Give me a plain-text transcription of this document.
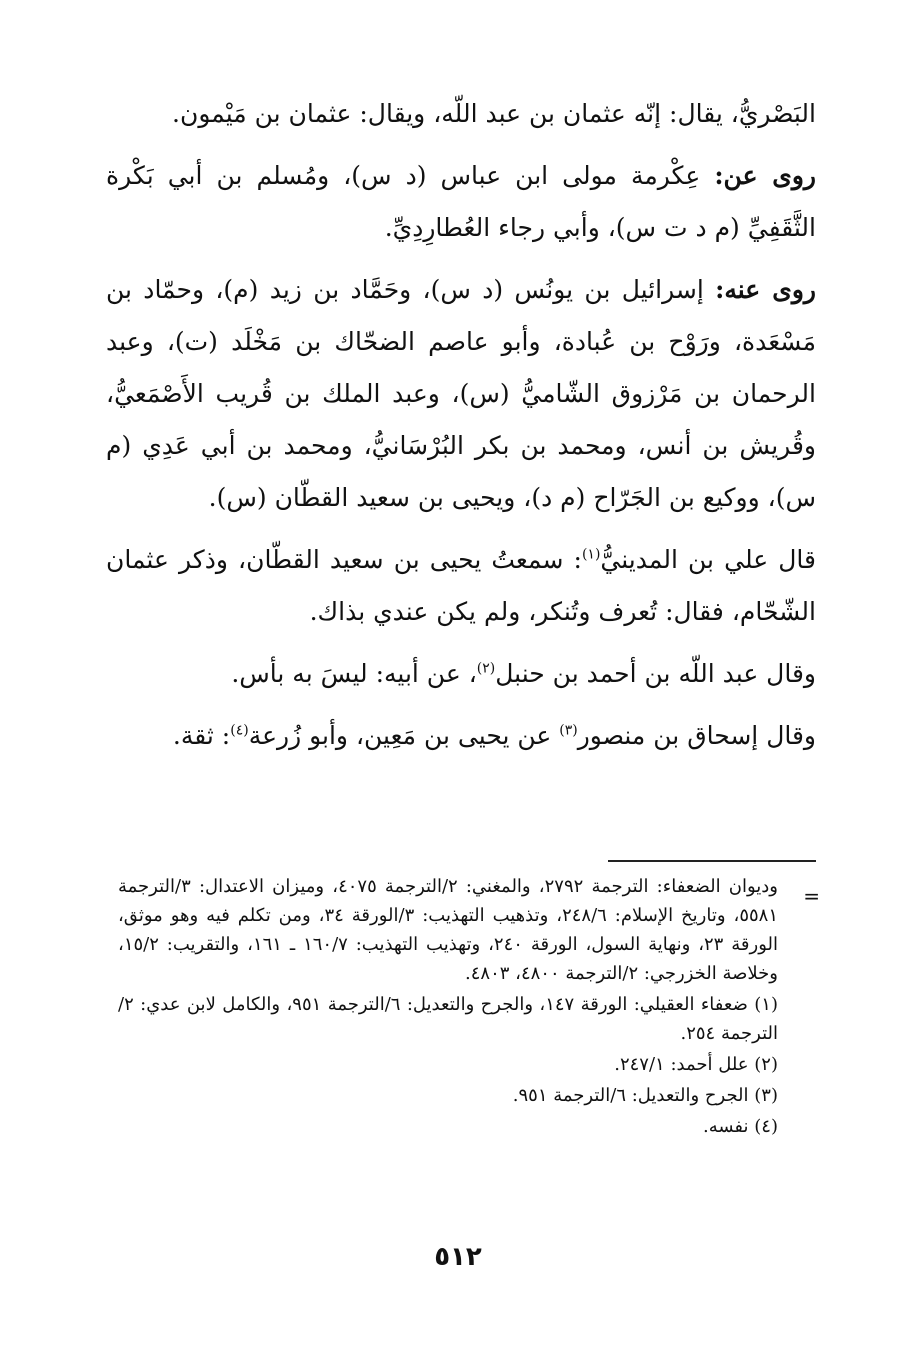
البَصْريُّ، يقال: إنّه عثمان بن عبد اللّه، ويقال: عثمان بن مَيْمون.

روى عن: عِكْرمة مولى ابن عباس (د س)، ومُسلم بن أبي بَكْرة الثَّقَفِيِّ (م د ت س)، وأبي رجاء العُطارِدِيِّ.

روى عنه: إسرائيل بن يونُس (د س)، وحَمَّاد بن زيد (م)، وحمّاد بن مَسْعَدة، ورَوْح بن عُبادة، وأبو عاصم الضحّاك بن مَخْلَد (ت)، وعبد الرحمان بن مَرْزوق الشّاميُّ (س)، وعبد الملك بن قُريب الأَصْمَعيُّ، وقُريش بن أنس، ومحمد بن بكر البُرْسَانيُّ، ومحمد بن أبي عَدِي (م س)، ووكيع بن الجَرّاح (م د)، ويحيى بن سعيد القطّان (س).

قال علي بن المدينيُّ$^{(١)}$: سمعتُ يحيى بن سعيد القطّان، وذكر عثمان الشّحّام، فقال: تُعرف وتُنكر، ولم يكن عندي بذاك.

وقال عبد اللّه بن أحمد بن حنبل$^{(٢)}$، عن أبيه: ليسَ به بأس.

وقال إسحاق بن منصور$^{(٣)}$ عن يحيى بن مَعِين، وأبو زُرعة$^{(٤)}$: ثقة.

=

وديوان الضعفاء: الترجمة ٢٧٩٢، والمغني: ٢/الترجمة ٤٠٧٥، وميزان الاعتدال: ٣/الترجمة ٥٥٨١، وتاريخ الإسلام: ٢٤٨/٦، وتذهيب التهذيب: ٣/الورقة ٣٤، ومن تكلم فيه وهو موثق، الورقة ٢٣، ونهاية السول، الورقة ٢٤٠، وتهذيب التهذيب: ١٦٠/٧ ـ ١٦١، والتقريب: ١٥/٢، وخلاصة الخزرجي: ٢/الترجمة ٤٨٠٠، ٤٨٠٣.

(١) ضعفاء العقيلي: الورقة ١٤٧، والجرح والتعديل: ٦/الترجمة ٩٥١، والكامل لابن عدي: ٢/الترجمة ٢٥٤.

(٢) علل أحمد: ٢٤٧/١.

(٣) الجرح والتعديل: ٦/الترجمة ٩٥١.

(٤) نفسه.

٥١٢
